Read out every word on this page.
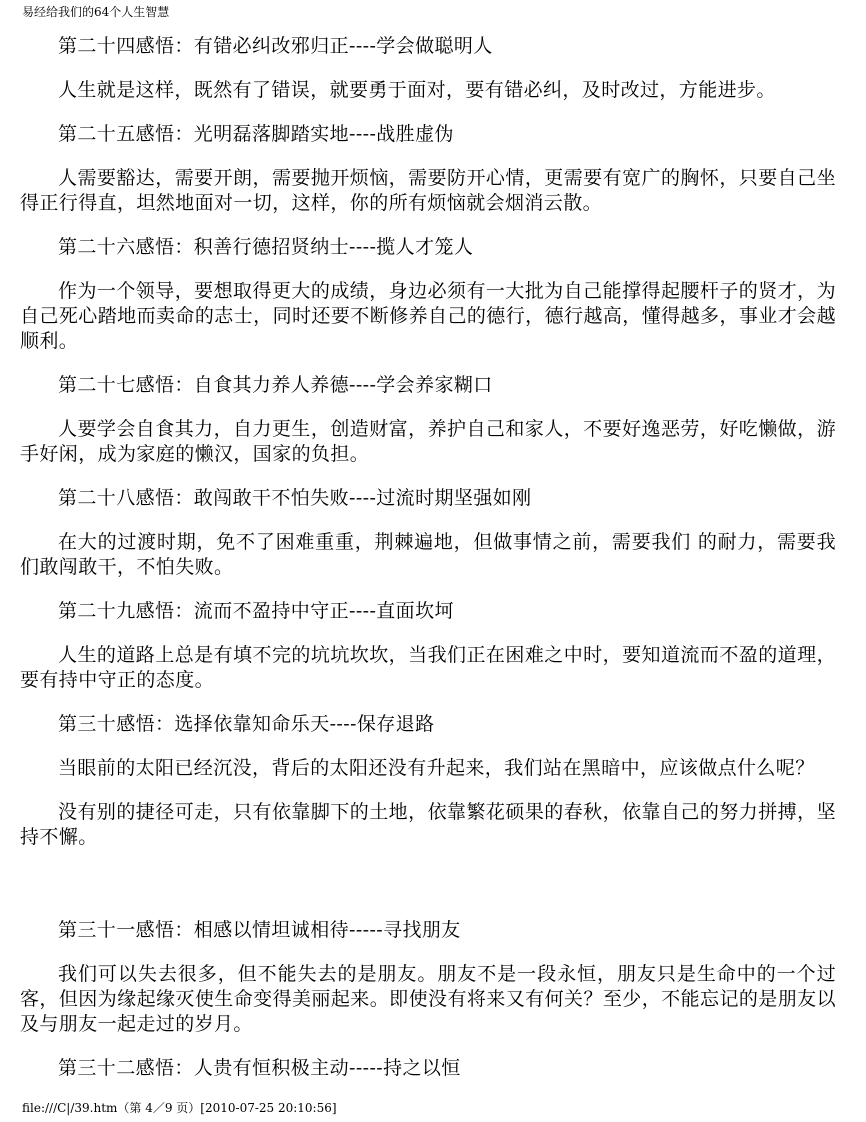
易经给我们的64个人生智慧

第二十四感悟：有错必纠改邪归正----学会做聪明人

人生就是这样，既然有了错误，就要勇于面对，要有错必纠，及时改过，方能进步。

第二十五感悟：光明磊落脚踏实地----战胜虚伪

人需要豁达，需要开朗，需要抛开烦恼，需要防开心情，更需要有宽广的胸怀，只要自己坐得正行得直，坦然地面对一切，这样，你的所有烦恼就会烟消云散。

第二十六感悟：积善行德招贤纳士----揽人才笼人

作为一个领导，要想取得更大的成绩，身边必须有一大批为自己能撑得起腰杆子的贤才，为自己死心踏地而卖命的志士，同时还要不断修养自己的德行，德行越高，懂得越多，事业才会越顺利。

第二十七感悟：自食其力养人养德----学会养家糊口

人要学会自食其力，自力更生，创造财富，养护自己和家人，不要好逸恶劳，好吃懒做，游手好闲，成为家庭的懒汉，国家的负担。

第二十八感悟：敢闯敢干不怕失败----过流时期坚强如刚

在大的过渡时期，免不了困难重重，荆棘遍地，但做事情之前，需要我们 的耐力，需要我们敢闯敢干，不怕失败。

第二十九感悟：流而不盈持中守正----直面坎坷

人生的道路上总是有填不完的坑坑坎坎，当我们正在困难之中时，要知道流而不盈的道理，要有持中守正的态度。

第三十感悟：选择依靠知命乐天----保存退路

当眼前的太阳已经沉没，背后的太阳还没有升起来，我们站在黑暗中，应该做点什么呢？

没有别的捷径可走，只有依靠脚下的土地，依靠繁花硕果的春秋，依靠自己的努力拼搏，坚持不懈。

第三十一感悟：相感以情坦诚相待-----寻找朋友

我们可以失去很多，但不能失去的是朋友。朋友不是一段永恒，朋友只是生命中的一个过客，但因为缘起缘灭使生命变得美丽起来。即使没有将来又有何关？至少，不能忘记的是朋友以及与朋友一起走过的岁月。

第三十二感悟：人贵有恒积极主动-----持之以恒

file:///C|/39.htm（第 4／9 页）[2010-07-25 20:10:56]
